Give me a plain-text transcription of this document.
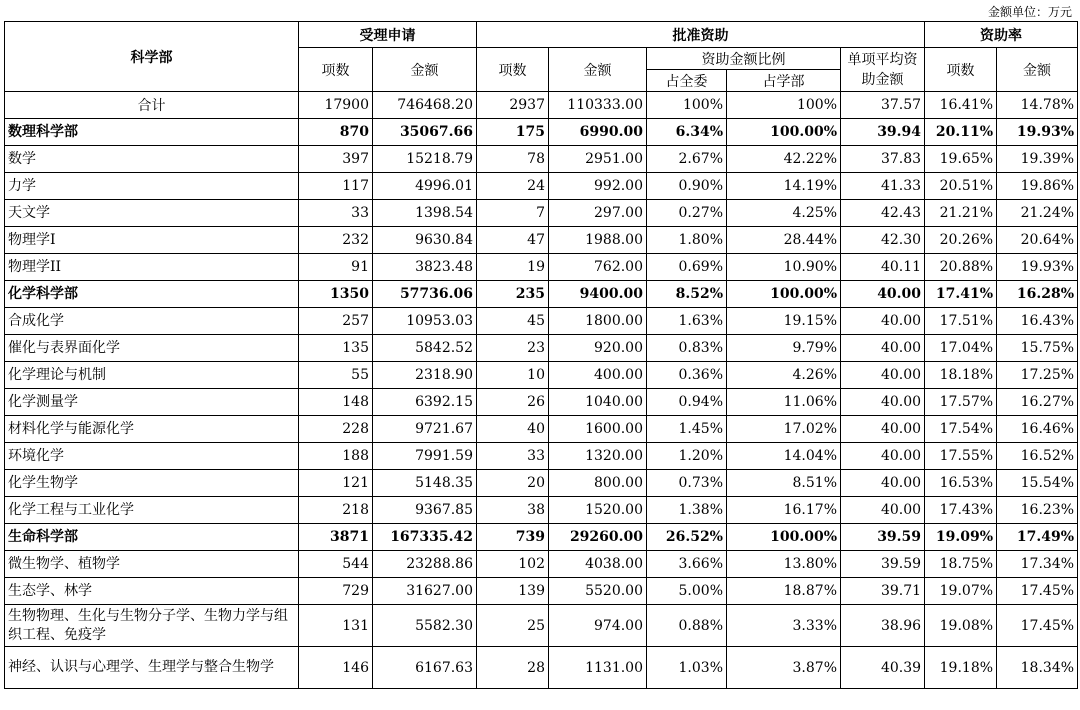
金额单位：万元
科学部	受理申请		批准资助					资助率	
	项数	金额	项数	金额	资助金额比例		单项平均资助金额	项数	金额
					占全委	占学部			
合计	17900	746468.20	2937	110333.00	100%	100%	37.57	16.41%	14.78%
数理科学部	870	35067.66	175	6990.00	6.34%	100.00%	39.94	20.11%	19.93%
数学	397	15218.79	78	2951.00	2.67%	42.22%	37.83	19.65%	19.39%
力学	117	4996.01	24	992.00	0.90%	14.19%	41.33	20.51%	19.86%
天文学	33	1398.54	7	297.00	0.27%	4.25%	42.43	21.21%	21.24%
物理学I	232	9630.84	47	1988.00	1.80%	28.44%	42.30	20.26%	20.64%
物理学II	91	3823.48	19	762.00	0.69%	10.90%	40.11	20.88%	19.93%
化学科学部	1350	57736.06	235	9400.00	8.52%	100.00%	40.00	17.41%	16.28%
合成化学	257	10953.03	45	1800.00	1.63%	19.15%	40.00	17.51%	16.43%
催化与表界面化学	135	5842.52	23	920.00	0.83%	9.79%	40.00	17.04%	15.75%
化学理论与机制	55	2318.90	10	400.00	0.36%	4.26%	40.00	18.18%	17.25%
化学测量学	148	6392.15	26	1040.00	0.94%	11.06%	40.00	17.57%	16.27%
材料化学与能源化学	228	9721.67	40	1600.00	1.45%	17.02%	40.00	17.54%	16.46%
环境化学	188	7991.59	33	1320.00	1.20%	14.04%	40.00	17.55%	16.52%
化学生物学	121	5148.35	20	800.00	0.73%	8.51%	40.00	16.53%	15.54%
化学工程与工业化学	218	9367.85	38	1520.00	1.38%	16.17%	40.00	17.43%	16.23%
生命科学部	3871	167335.42	739	29260.00	26.52%	100.00%	39.59	19.09%	17.49%
微生物学、植物学	544	23288.86	102	4038.00	3.66%	13.80%	39.59	18.75%	17.34%
生态学、林学	729	31627.00	139	5520.00	5.00%	18.87%	39.71	19.07%	17.45%
生物物理、生化与生物分子学、生物力学与组织工程、免疫学	131	5582.30	25	974.00	0.88%	3.33%	38.96	19.08%	17.45%
神经、认识与心理学、生理学与整合生物学	146	6167.63	28	1131.00	1.03%	3.87%	40.39	19.18%	18.34%
